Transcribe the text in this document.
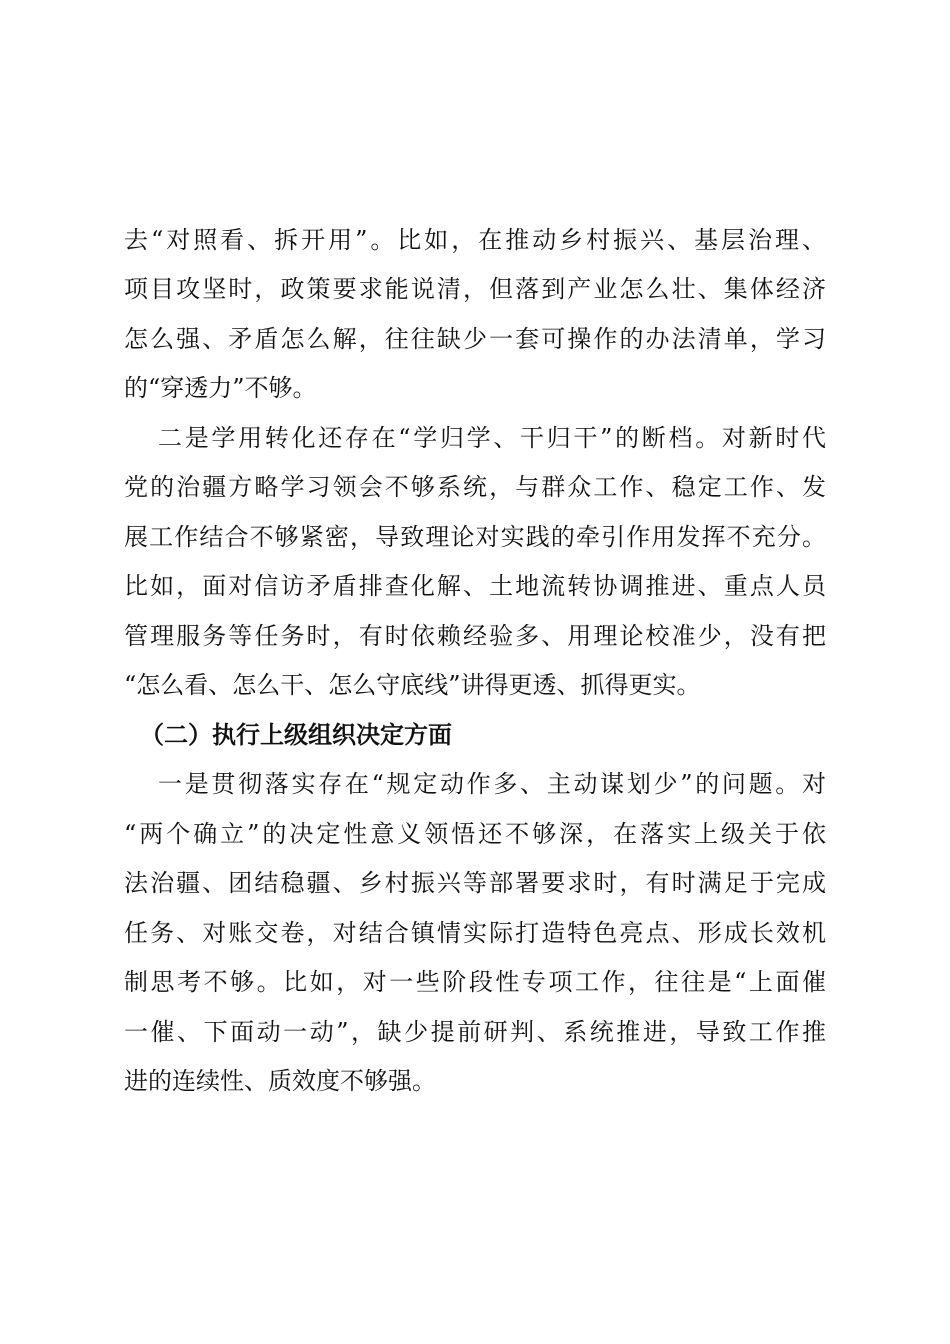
去“对照看、拆开用”。比如，在推动乡村振兴、基层治理、
项目攻坚时，政策要求能说清，但落到产业怎么壮、集体经济
怎么强、矛盾怎么解，往往缺少一套可操作的办法清单，学习
的“穿透力”不够。
二是学用转化还存在“学归学、干归干”的断档。对新时代
党的治疆方略学习领会不够系统，与群众工作、稳定工作、发
展工作结合不够紧密，导致理论对实践的牵引作用发挥不充分。
比如，面对信访矛盾排查化解、土地流转协调推进、重点人员
管理服务等任务时，有时依赖经验多、用理论校准少，没有把
“怎么看、怎么干、怎么守底线”讲得更透、抓得更实。
（二）执行上级组织决定方面
一是贯彻落实存在“规定动作多、主动谋划少”的问题。对
“两个确立”的决定性意义领悟还不够深，在落实上级关于依
法治疆、团结稳疆、乡村振兴等部署要求时，有时满足于完成
任务、对账交卷，对结合镇情实际打造特色亮点、形成长效机
制思考不够。比如，对一些阶段性专项工作，往往是“上面催
一催、下面动一动”，缺少提前研判、系统推进，导致工作推
进的连续性、质效度不够强。
